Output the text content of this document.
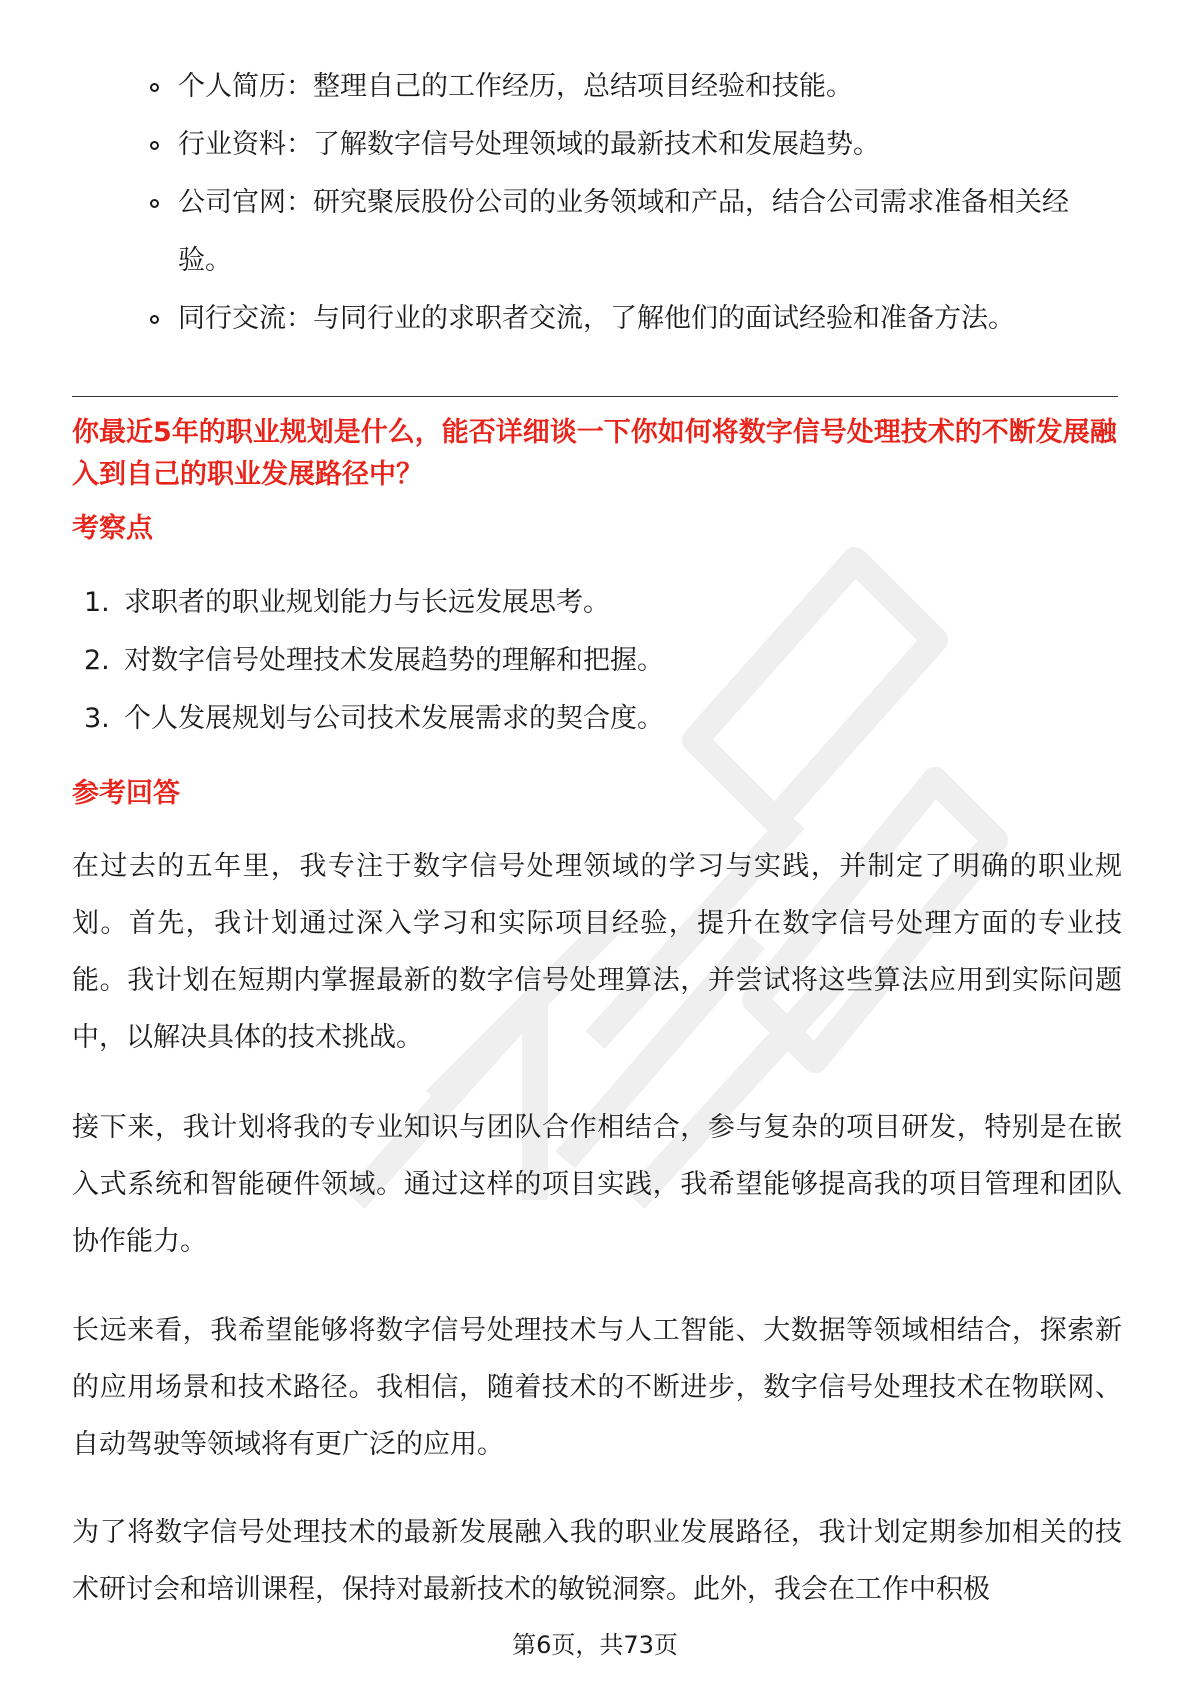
个人简历：整理自己的工作经历，总结项目经验和技能。
行业资料：了解数字信号处理领域的最新技术和发展趋势。
公司官网：研究聚辰股份公司的业务领域和产品，结合公司需求准备相关经验。
同行交流：与同行业的求职者交流，了解他们的面试经验和准备方法。

你最近5年的职业规划是什么，能否详细谈一下你如何将数字信号处理技术的不断发展融入到自己的职业发展路径中？

考察点

1. 求职者的职业规划能力与长远发展思考。
2. 对数字信号处理技术发展趋势的理解和把握。
3. 个人发展规划与公司技术发展需求的契合度。

参考回答

在过去的五年里，我专注于数字信号处理领域的学习与实践，并制定了明确的职业规划。首先，我计划通过深入学习和实际项目经验，提升在数字信号处理方面的专业技能。我计划在短期内掌握最新的数字信号处理算法，并尝试将这些算法应用到实际问题中，以解决具体的技术挑战。

接下来，我计划将我的专业知识与团队合作相结合，参与复杂的项目研发，特别是在嵌入式系统和智能硬件领域。通过这样的项目实践，我希望能够提高我的项目管理和团队协作能力。

长远来看，我希望能够将数字信号处理技术与人工智能、大数据等领域相结合，探索新的应用场景和技术路径。我相信，随着技术的不断进步，数字信号处理技术在物联网、自动驾驶等领域将有更广泛的应用。

为了将数字信号处理技术的最新发展融入我的职业发展路径，我计划定期参加相关的技术研讨会和培训课程，保持对最新技术的敏锐洞察。此外，我会在工作中积极

第6页，共73页
